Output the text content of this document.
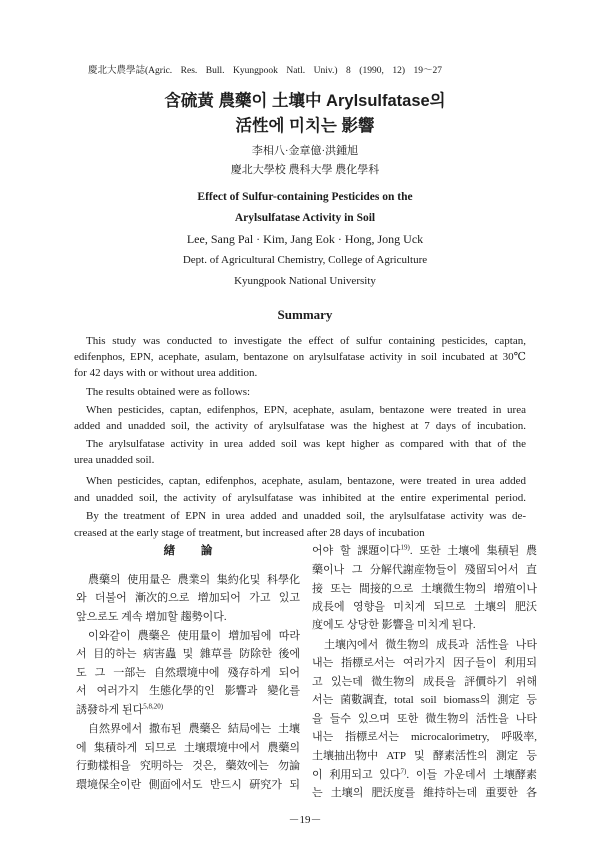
慶北大農學誌(Agric. Res. Bull. Kyungpook Natl. Univ.) 8 (1990, 12) 19～27
含硫黃 農藥이 土壤中 Arylsulfatase의
活性에 미치는 影響
李相八·金章億·洪鍾旭
慶北大學校 農科大學 農化學科
Effect of Sulfur-containing Pesticides on the
Arylsulfatase Activity in Soil
Lee, Sang Pal · Kim, Jang Eok · Hong, Jong Uck
Dept. of Agricultural Chemistry, College of Agriculture
Kyungpook National University
Summary
This study was conducted to investigate the effect of sulfur containing pesticides, captan,
edifenphos, EPN, acephate, asulam, bentazone on arylsulfatase activity in soil incubated at 30℃
for 42 days with or without urea addition.
The results obtained were as follows:
When pesticides, captan, edifenphos, EPN, acephate, asulam, bentazone were treated in urea
added and unadded soil, the activity of arylsulfatase was the highest at 7 days of incubation.
The arylsulfatase activity in urea added soil was kept higher as compared with that of the
urea unadded soil.
When pesticides, captan, edifenphos, acephate, asulam, bentazone, were treated in urea added
and unadded soil, the activity of arylsulfatase was inhibited at the entire experimental period.
By the treatment of EPN in urea added and unadded soil, the arylsulfatase activity was de-
creased at the early stage of treatment, but increased after 28 days of incubation
緖 論
農藥의 使用量은 農業의 集約化및 科學化
와 더불어 漸次的으로 增加되어 가고 있고
앞으로도 계속 增加할 趨勢이다.
이와같이 農藥은 使用量이 增加됨에 따라
서 目的하는 病害蟲 및 雜草를 防除한 後에
도 그 一部는 自然環境中에 殘存하게 되어
서 여러가지 生態化學的인 影響과 變化를
誘發하게 된다$^{5,8,20)}$
自然界에서 撒布된 農藥은 結局에는 土壤
에 集積하게 되므로 土壤環境中에서 農藥의
行動樣相을 究明하는 것은, 藥效에는 勿論
環境保全이란 側面에서도 반드시 硏究가 되
어야 할 課題이다$^{19)}$. 또한 土壤에 集積된 農
藥이나 그 分解代謝産物들이 殘留되어서 直
接 또는 間接的으로 土壤微生物의 增殖이나
成長에 영향을 미치게 되므로 土壤의 肥沃
度에도 상당한 影響을 미치게 된다.
土壤內에서 微生物의 成長과 活性을 나타
내는 指標로서는 여러가지 因子들이 利用되
고 있는데 微生物의 成長을 評價하기 위해
서는 菌數調査, total soil biomass의 測定 등
을 들수 있으며 또한 微生物의 活性을 나타
내는 指標로서는 microcalorimetry, 呼吸率,
土壤抽出物中 ATP 및 酵素活性의 測定 등
이 利用되고 있다$^{7)}$. 이들 가운데서 土壤酵素
는 土壤의 肥沃度를 維持하는데 重要한 各
－19－
